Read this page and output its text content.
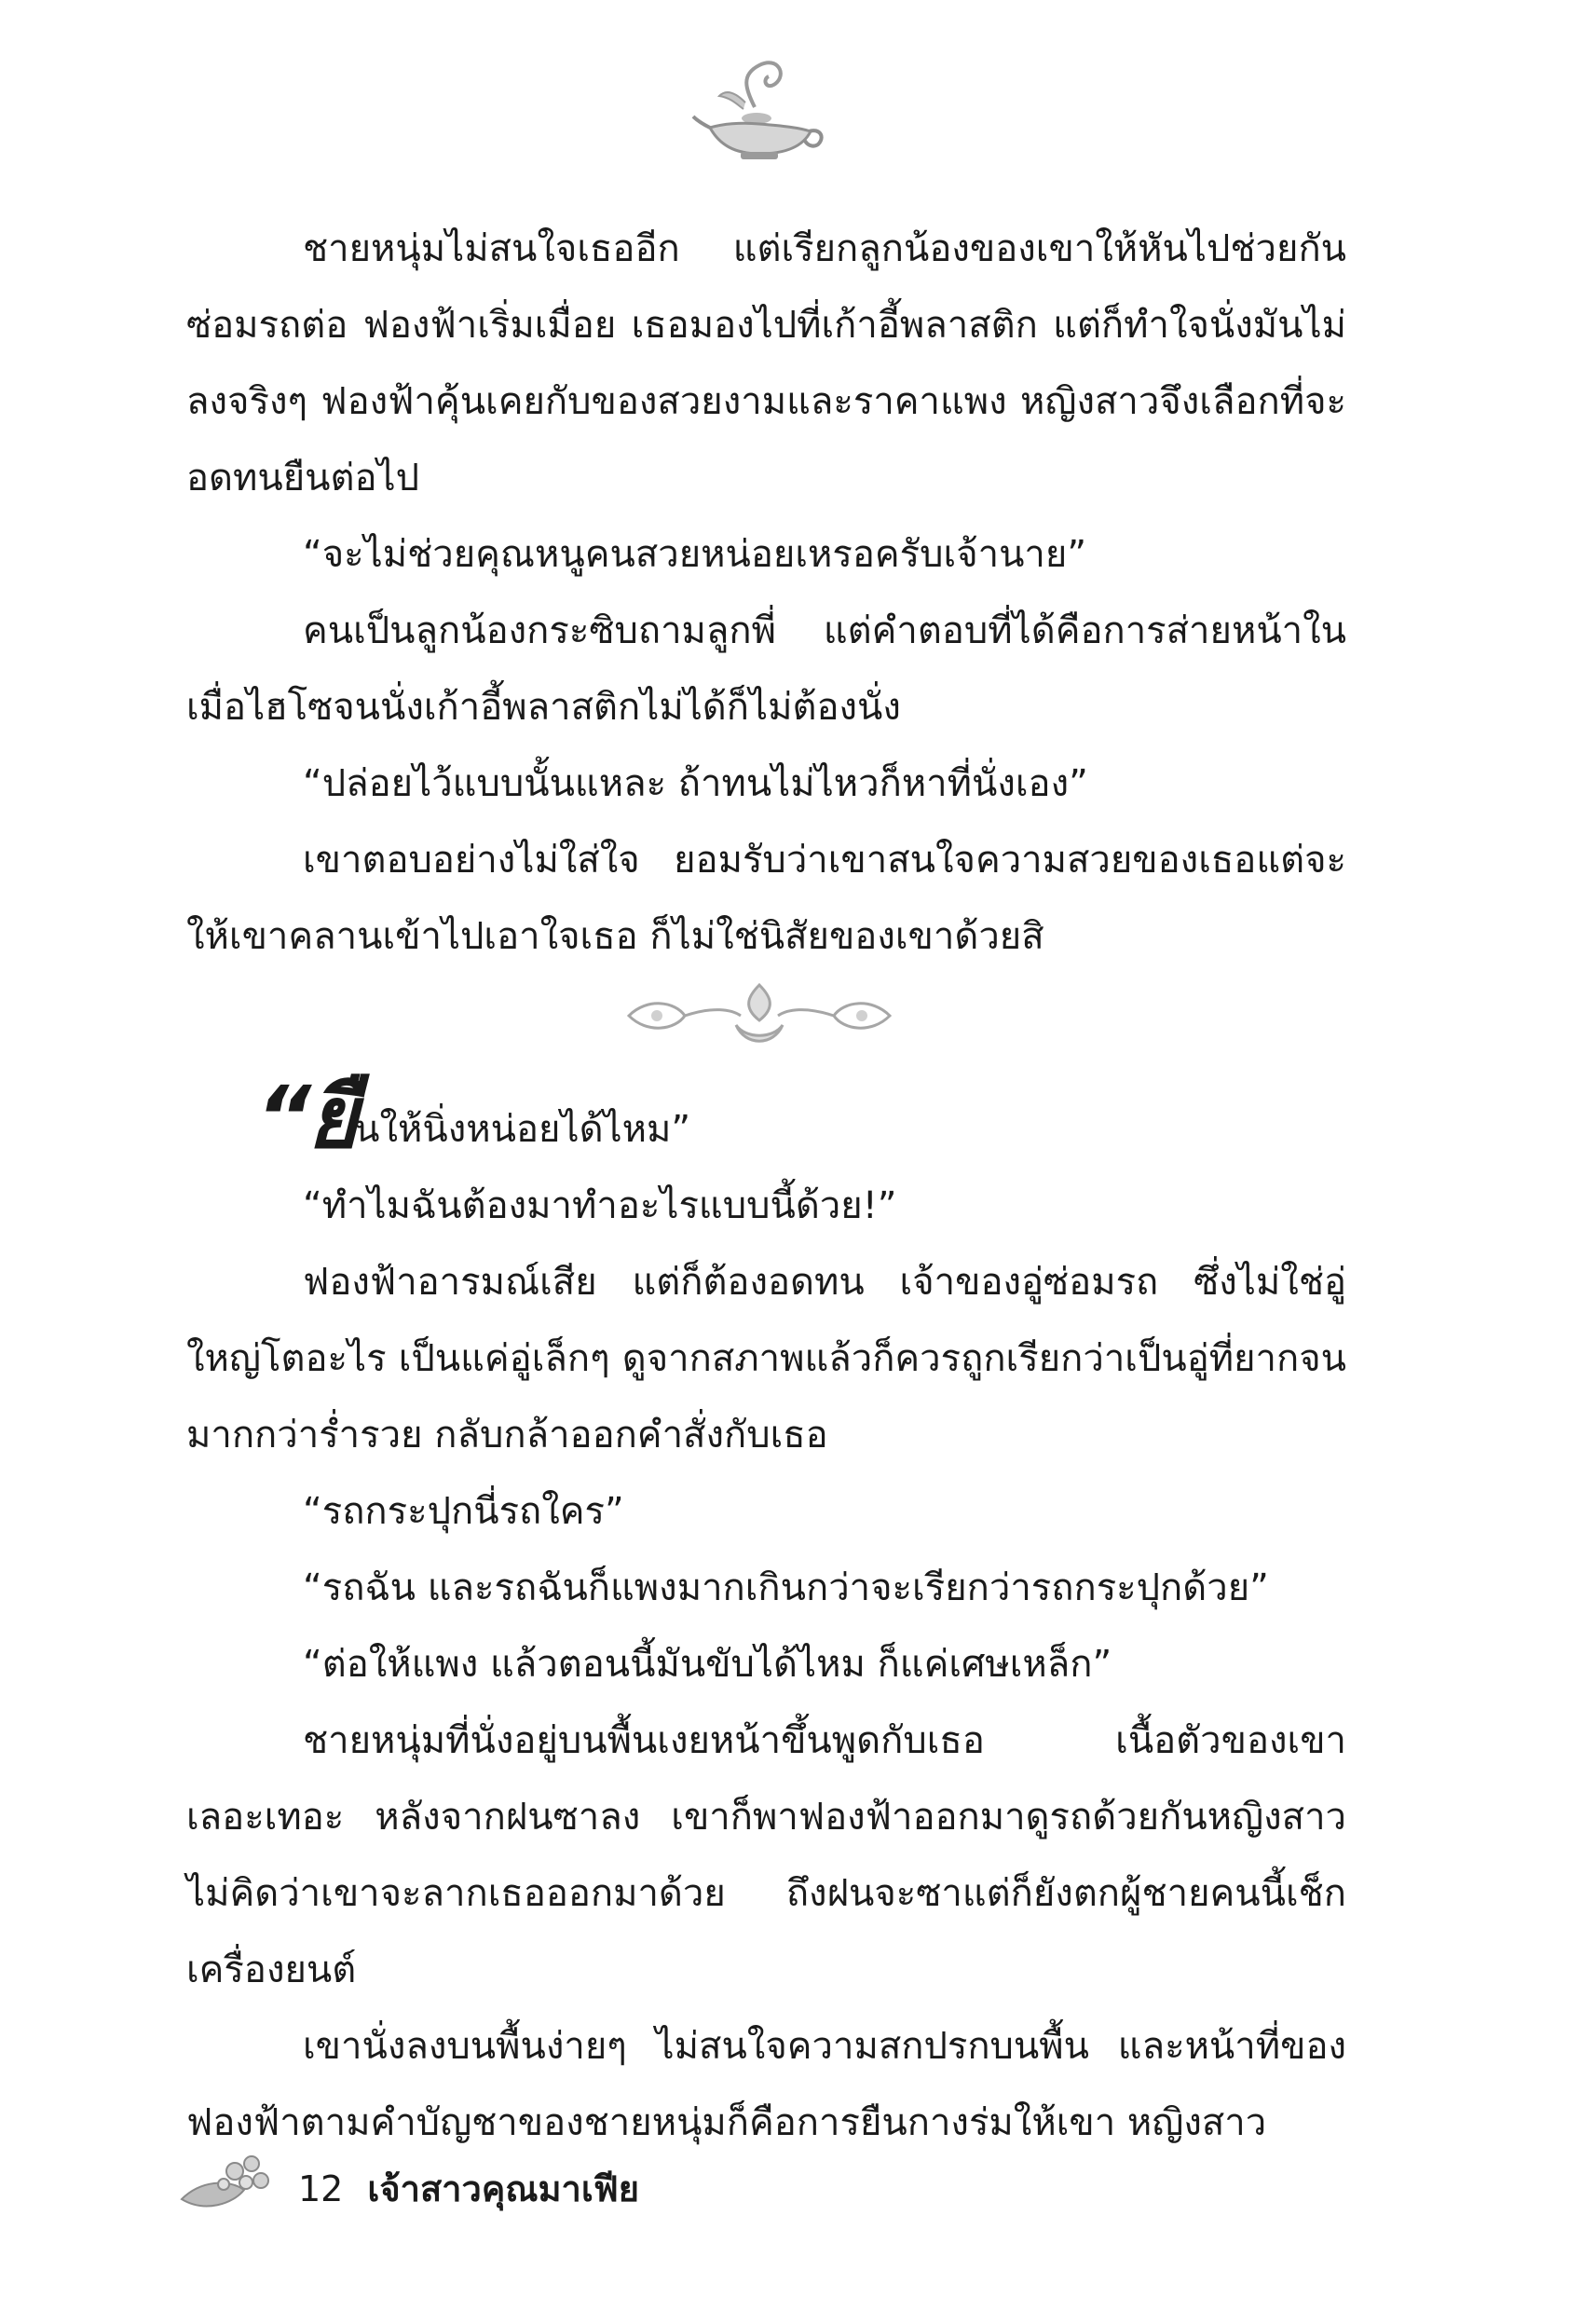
ชายหนุ่มไม่สนใจเธออีก แต่เรียกลูกน้องของเขาให้หันไปช่วยกันซ่อมรถต่อ ฟองฟ้าเริ่มเมื่อย เธอมองไปที่เก้าอี้พลาสติก แต่ก็ทำใจนั่งมันไม่ลงจริงๆ ฟองฟ้าคุ้นเคยกับของสวยงามและราคาแพง หญิงสาวจึงเลือกที่จะอดทนยืนต่อไป

“จะไม่ช่วยคุณหนูคนสวยหน่อยเหรอครับเจ้านาย”

คนเป็นลูกน้องกระซิบถามลูกพี่ แต่คำตอบที่ได้คือการส่ายหน้าในเมื่อไฮโซจนนั่งเก้าอี้พลาสติกไม่ได้ก็ไม่ต้องนั่ง

“ปล่อยไว้แบบนั้นแหละ ถ้าทนไม่ไหวก็หาที่นั่งเอง”

เขาตอบอย่างไม่ใส่ใจ ยอมรับว่าเขาสนใจความสวยของเธอแต่จะให้เขาคลานเข้าไปเอาใจเธอ ก็ไม่ใช่นิสัยของเขาด้วยสิ

“ยืนให้นิ่งหน่อยได้ไหม”

“ทำไมฉันต้องมาทำอะไรแบบนี้ด้วย!”

ฟองฟ้าอารมณ์เสีย แต่ก็ต้องอดทน เจ้าของอู่ซ่อมรถ ซึ่งไม่ใช่อู่ใหญ่โตอะไร เป็นแค่อู่เล็กๆ ดูจากสภาพแล้วก็ควรถูกเรียกว่าเป็นอู่ที่ยากจนมากกว่าร่ำรวย กลับกล้าออกคำสั่งกับเธอ

“รถกระปุกนี่รถใคร”

“รถฉัน และรถฉันก็แพงมากเกินกว่าจะเรียกว่ารถกระปุกด้วย”

“ต่อให้แพง แล้วตอนนี้มันขับได้ไหม ก็แค่เศษเหล็ก”

ชายหนุ่มที่นั่งอยู่บนพื้นเงยหน้าขึ้นพูดกับเธอ เนื้อตัวของเขาเลอะเทอะ หลังจากฝนซาลง เขาก็พาฟองฟ้าออกมาดูรถด้วยกันหญิงสาวไม่คิดว่าเขาจะลากเธอออกมาด้วย ถึงฝนจะซาแต่ก็ยังตกผู้ชายคนนี้เช็กเครื่องยนต์

เขานั่งลงบนพื้นง่ายๆ ไม่สนใจความสกปรกบนพื้น และหน้าที่ของฟองฟ้าตามคำบัญชาของชายหนุ่มก็คือการยืนกางร่มให้เขา หญิงสาว

12 เจ้าสาวคุณมาเฟีย
